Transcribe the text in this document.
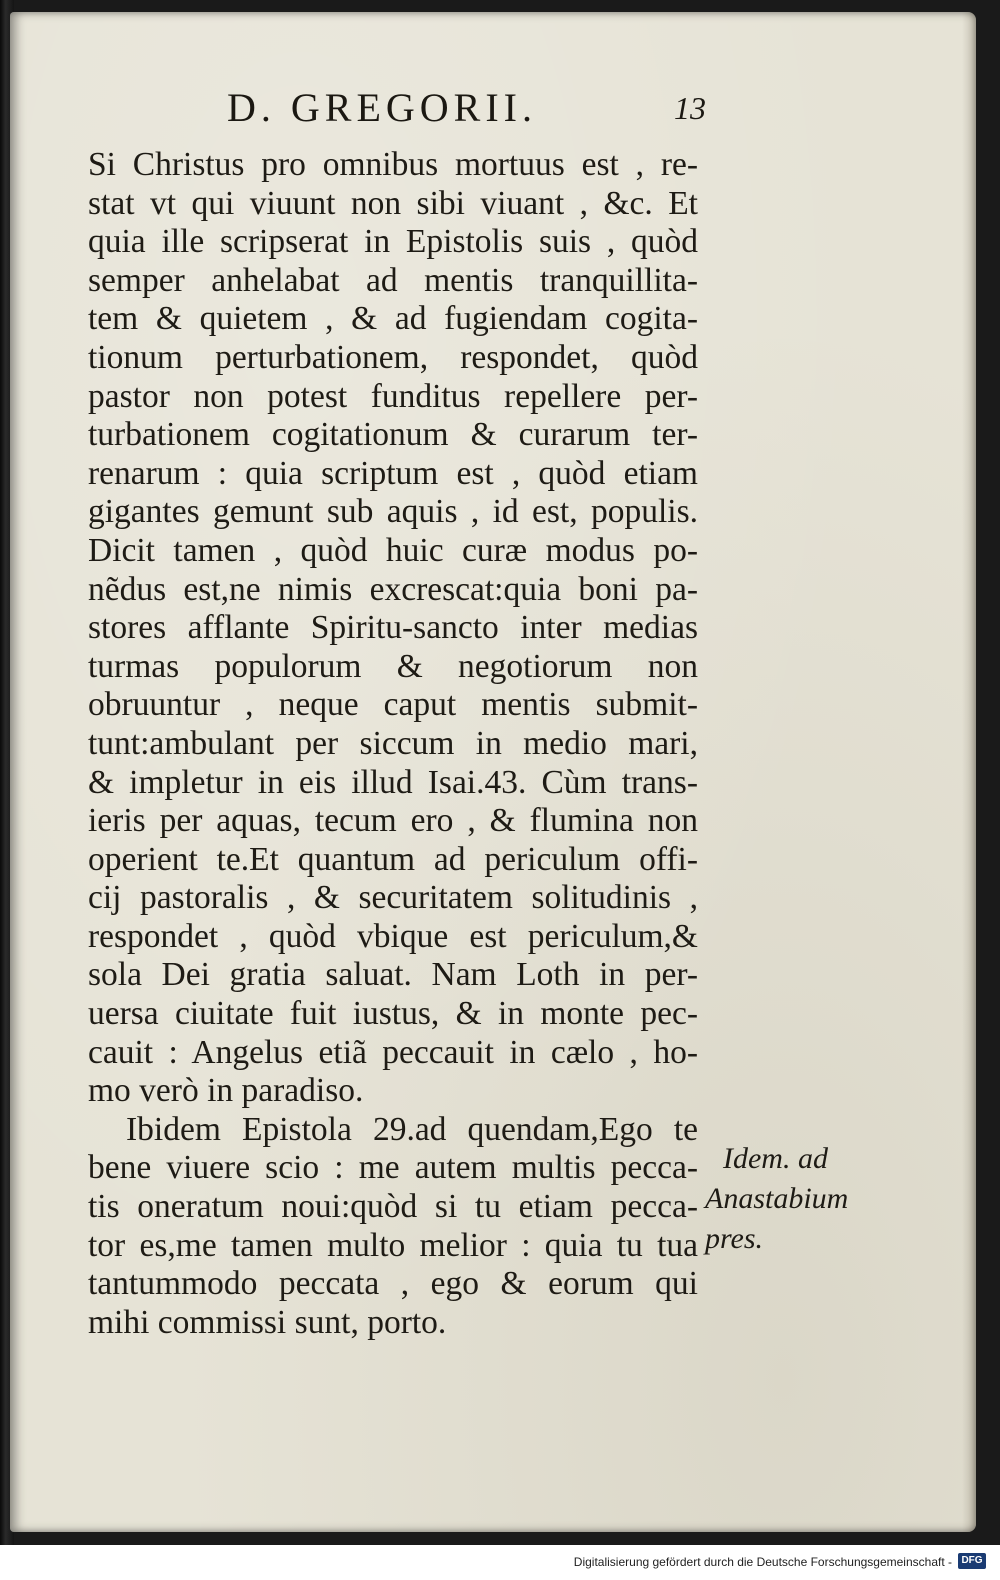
D. GREGORII.	13
Si Christus pro omnibus mortuus est , re-
stat vt qui viuunt non sibi viuant , &c. Et
quia ille scripserat in Epistolis suis , quòd
semper anhelabat ad mentis tranquillita-
tem & quietem , & ad fugiendam cogita-
tionum perturbationem, respondet, quòd
pastor non potest funditus repellere per-
turbationem cogitationum & curarum ter-
renarum : quia scriptum est , quòd etiam
gigantes gemunt sub aquis , id est, populis.
Dicit tamen , quòd huic curæ modus po-
nẽdus est,ne nimis excrescat:quia boni pa-
stores afflante Spiritu-sancto inter medias
turmas populorum & negotiorum non
obruuntur , neque caput mentis submit-
tunt:ambulant per siccum in medio mari,
& impletur in eis illud Isai.43. Cùm trans-
ieris per aquas, tecum ero , & flumina non
operient te.Et quantum ad periculum offi-
cij pastoralis , & securitatem solitudinis ,
respondet , quòd vbique est periculum,&
sola Dei gratia saluat. Nam Loth in per-
uersa ciuitate fuit iustus, & in monte pec-
cauit : Angelus etiã peccauit in cælo , ho-
mo verò in paradiso.
Ibidem Epistola 29.ad quendam,Ego te
bene viuere scio : me autem multis pecca-
tis oneratum noui:quòd si tu etiam pecca-
tor es,me tamen multo melior : quia tu tua
tantummodo peccata , ego & eorum qui
mihi commissi sunt, porto.
Idem. ad
Anastabium
pres.
Digitalisierung gefördert durch die Deutsche Forschungsgemeinschaft - DFG
